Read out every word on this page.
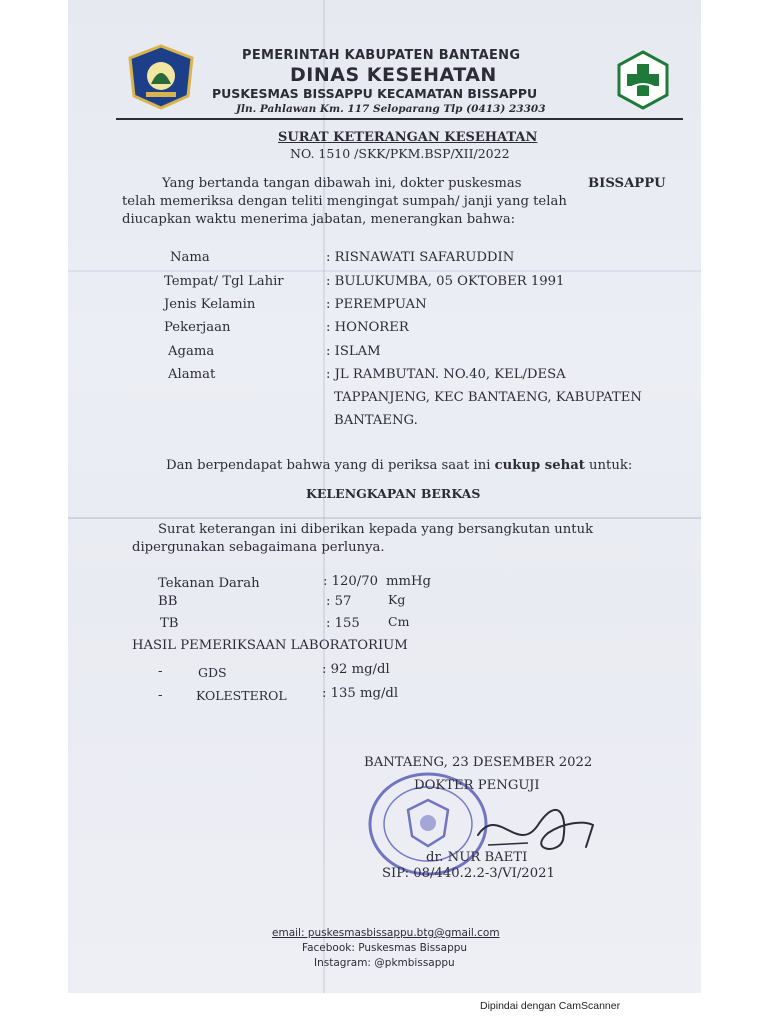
PEMERINTAH KABUPATEN BANTAENG
DINAS KESEHATAN
PUSKESMAS BISSAPPU KECAMATAN BISSAPPU
Jln. Pahlawan Km. 117 Seloparang Tlp (0413) 23303
SURAT KETERANGAN KESEHATAN
NO. 1510 /SKK/PKM.BSP/XII/2022
Yang bertanda tangan dibawah ini, dokter puskesmas	BISSAPPU
telah memeriksa dengan teliti mengingat sumpah/ janji yang telah
diucapkan waktu menerima jabatan, menerangkan bahwa:
Nama	: RISNAWATI SAFARUDDIN
Tempat/ Tgl Lahir	: BULUKUMBA, 05 OKTOBER 1991
Jenis Kelamin	: PEREMPUAN
Pekerjaan	: HONORER
Agama	: ISLAM
Alamat	: JL RAMBUTAN. NO.40, KEL/DESA
TAPPANJENG, KEC BANTAENG, KABUPATEN
BANTAENG.
Dan berpendapat bahwa yang di periksa saat ini cukup sehat untuk:
KELENGKAPAN BERKAS
Surat keterangan ini diberikan kepada yang bersangkutan untuk
dipergunakan sebagaimana perlunya.
Tekanan Darah	: 120/70 mmHg
BB	: 57	Kg
TB	: 155 Cm
HASIL PEMERIKSAAN LABORATORIUM
-	GDS	: 92 mg/dl
-	KOLESTEROL	: 135 mg/dl
BANTAENG, 23 DESEMBER 2022
DOKTER PENGUJI
dr. NUR BAETI
SIP: 08/440.2.2-3/VI/2021
email: puskesmasbissappu.btg@gmail.com
Facebook: Puskesmas Bissappu
Instagram: @pkmbissappu
Dipindai dengan CamScanner
